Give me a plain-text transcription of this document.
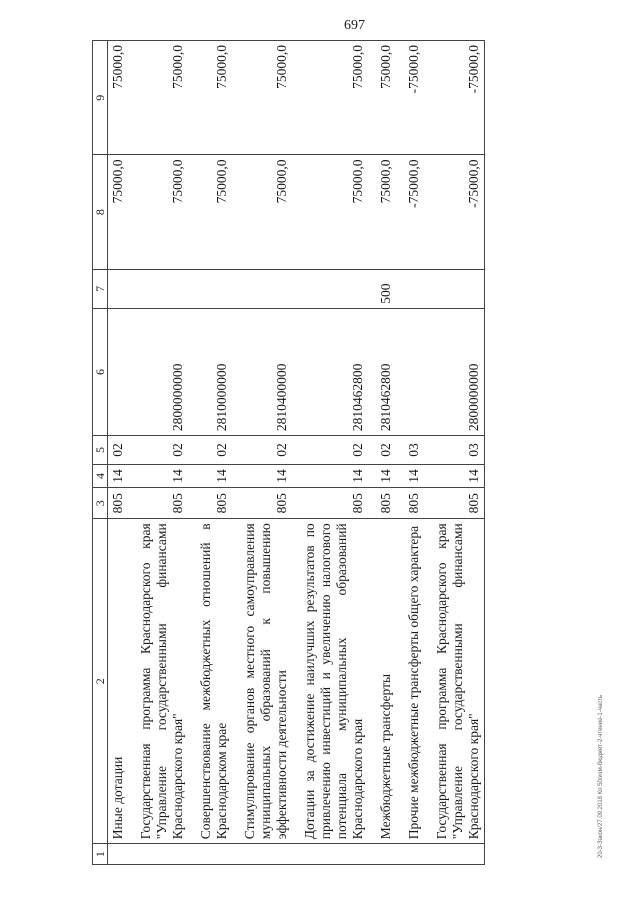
697
1	2	3	4	5	6	7	8	9
	Иные дотации	805	14	02			75000,0	75000,0
	Государственная программа Краснодарского края "Управление государственными финансами Краснодарского края"	805	14	02	2800000000		75000,0	75000,0
	Совершенствование межбюджетных отношений в Краснодарском крае	805	14	02	2810000000		75000,0	75000,0
	Стимулирование органов местного самоуправления муниципальных образований к повышению эффективности деятельности	805	14	02	2810400000		75000,0	75000,0
	Дотации за достижение наилучших результатов по привлечению инвестиций и увеличению налогового потенциала муниципальных образований Краснодарского края	805	14	02	2810462800		75000,0	75000,0
	Межбюджетные трансферты	805	14	02	2810462800	500	75000,0	75000,0
	Прочие межбюджетные трансферты общего характера	805	14	03			-75000,0	-75000,0
	Государственная программа Краснодарского края "Управление государственными финансами Краснодарского края"	805	14	03	2800000000		-75000,0	-75000,0
20-3-Закон/27.09.2018 Ко 50/изм-бюджет-2-чтение-1-часть
